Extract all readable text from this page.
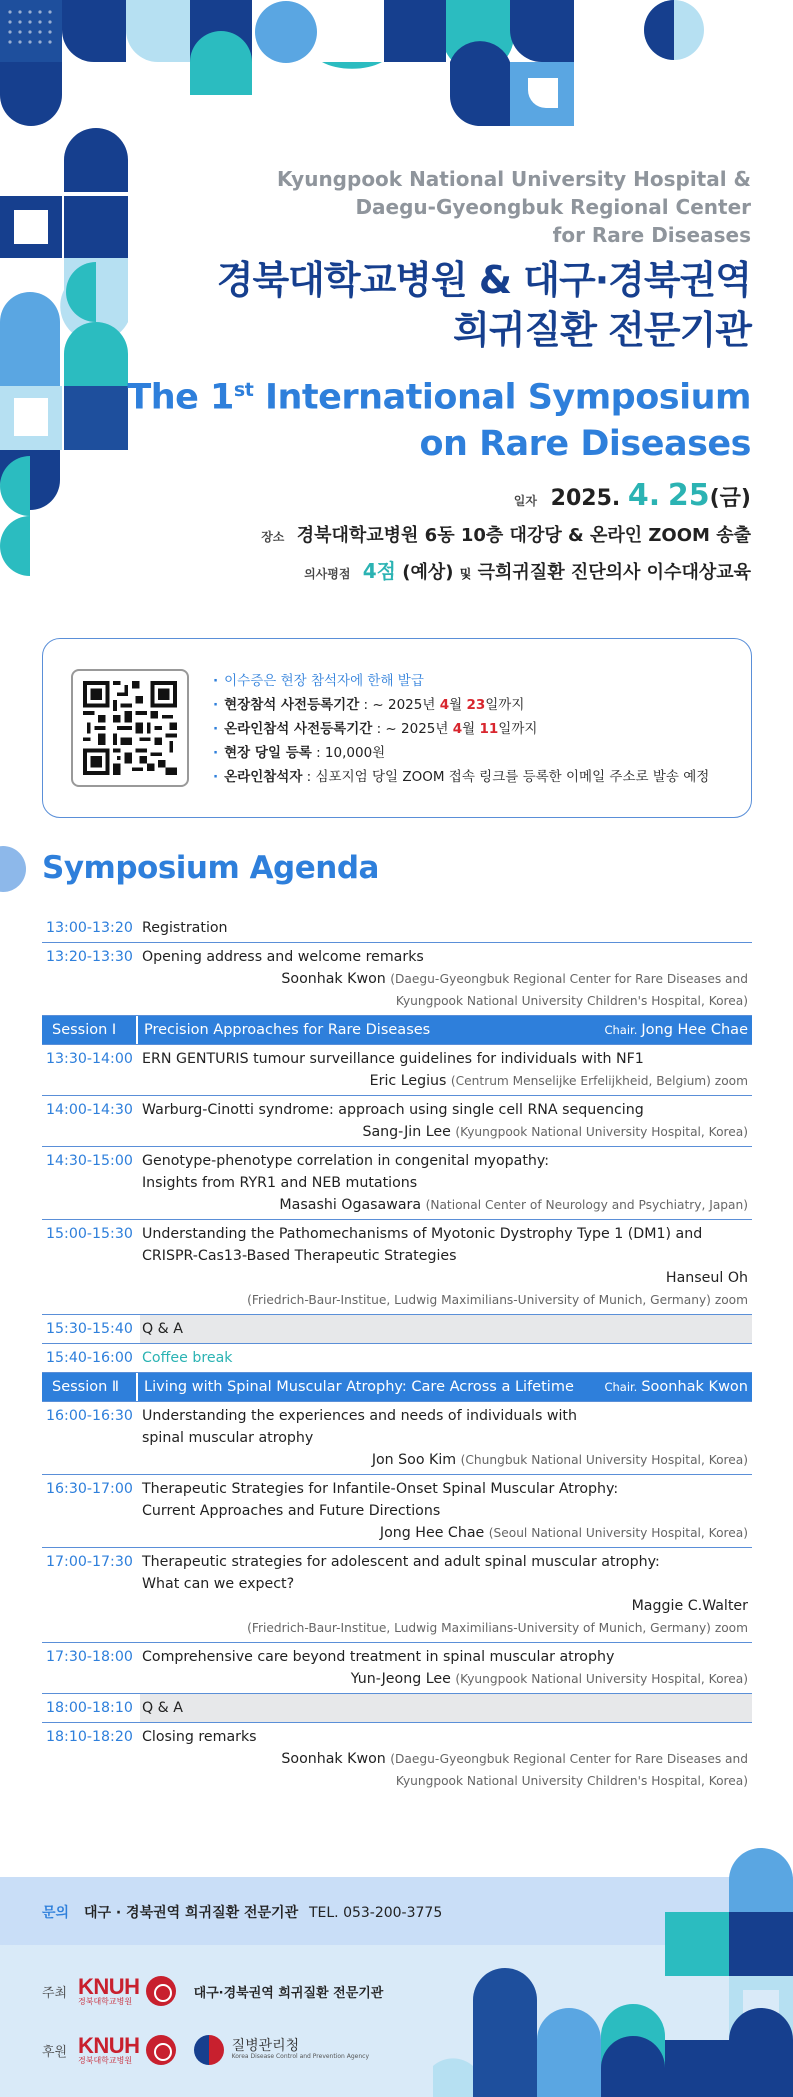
Kyungpook National University Hospital &
Daegu-Gyeongbuk Regional Center
for Rare Diseases
경북대학교병원 & 대구·경북권역
희귀질환 전문기관
The 1st International Symposium
on Rare Diseases
일자 2025. 4. 25(금)
장소 경북대학교병원 6동 10층 대강당 & 온라인 ZOOM 송출
의사평점 4점 (예상) 및 극희귀질환 진단의사 이수대상교육
· 이수증은 현장 참석자에 한해 발급
· 현장참석 사전등록기간 : ~ 2025년 4월 23일까지
· 온라인참석 사전등록기간 : ~ 2025년 4월 11일까지
· 현장 당일 등록 : 10,000원
· 온라인참석자 : 심포지엄 당일 ZOOM 접속 링크를 등록한 이메일 주소로 발송 예정
Symposium Agenda
13:00-13:20 Registration
13:20-13:30 Opening address and welcome remarks
Soonhak Kwon (Daegu-Gyeongbuk Regional Center for Rare Diseases and
Kyungpook National University Children's Hospital, Korea)
Session Ⅰ	Precision Approaches for Rare Diseases	Chair. Jong Hee Chae
13:30-14:00 ERN GENTURIS tumour surveillance guidelines for individuals with NF1
Eric Legius (Centrum Menselijke Erfelijkheid, Belgium) zoom
14:00-14:30 Warburg-Cinotti syndrome: approach using single cell RNA sequencing
Sang-Jin Lee (Kyungpook National University Hospital, Korea)
14:30-15:00 Genotype-phenotype correlation in congenital myopathy:
Insights from RYR1 and NEB mutations
Masashi Ogasawara (National Center of Neurology and Psychiatry, Japan)
15:00-15:30 Understanding the Pathomechanisms of Myotonic Dystrophy Type 1 (DM1) and
CRISPR-Cas13-Based Therapeutic Strategies
Hanseul Oh
(Friedrich-Baur-Institue, Ludwig Maximilians-University of Munich, Germany) zoom
15:30-15:40 Q & A
15:40-16:00 Coffee break
Session Ⅱ	Living with Spinal Muscular Atrophy: Care Across a Lifetime	Chair. Soonhak Kwon
16:00-16:30 Understanding the experiences and needs of individuals with
spinal muscular atrophy
Jon Soo Kim (Chungbuk National University Hospital, Korea)
16:30-17:00 Therapeutic Strategies for Infantile-Onset Spinal Muscular Atrophy:
Current Approaches and Future Directions
Jong Hee Chae (Seoul National University Hospital, Korea)
17:00-17:30 Therapeutic strategies for adolescent and adult spinal muscular atrophy:
What can we expect?
Maggie C.Walter
(Friedrich-Baur-Institue, Ludwig Maximilians-University of Munich, Germany) zoom
17:30-18:00 Comprehensive care beyond treatment in spinal muscular atrophy
Yun-Jeong Lee (Kyungpook National University Hospital, Korea)
18:00-18:10 Q & A
18:10-18:20 Closing remarks
Soonhak Kwon (Daegu-Gyeongbuk Regional Center for Rare Diseases and
Kyungpook National University Children's Hospital, Korea)
문의 대구 · 경북권역 희귀질환 전문기관 TEL. 053-200-3775
주최 KNUH
경북대학교병원
대구·경북권역 희귀질환 전문기관
후원 KNUH
경북대학교병원
질병관리청
Korea Disease Control and Prevention Agency
